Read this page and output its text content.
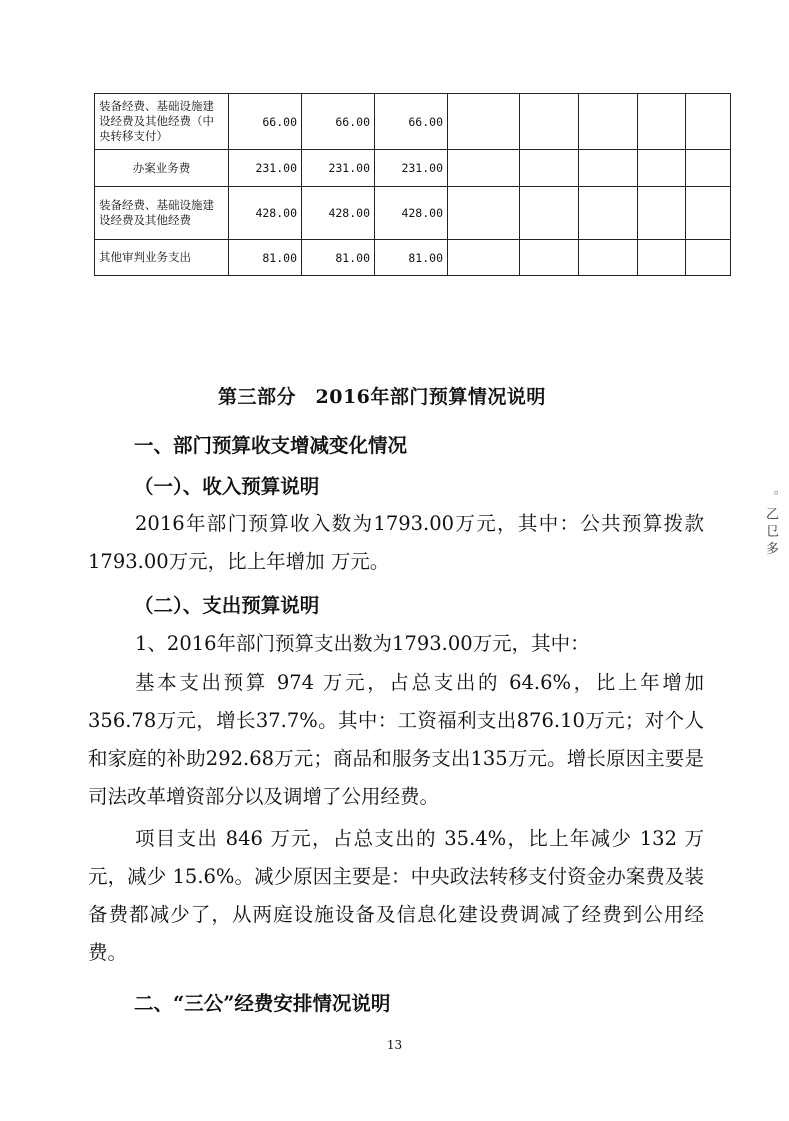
装备经费、基础设施建设经费及其他经费（中央转移支付）	66.00	66.00	66.00					
办案业务费	231.00	231.00	231.00					
装备经费、基础设施建设经费及其他经费	428.00	428.00	428.00					
其他审判业务支出	81.00	81.00	81.00					
第三部分　2016年部门预算情况说明
一、部门预算收支增减变化情况
（一）、收入预算说明
2016年部门预算收入数为1793.00万元，其中：公共预算拨款1793.00万元，比上年增加 万元。
（二）、支出预算说明
1、2016年部门预算支出数为1793.00万元，其中：
基本支出预算 974 万元，占总支出的 64.6%，比上年增加356.78万元，增长37.7%。其中：工资福利支出876.10万元；对个人和家庭的补助292.68万元；商品和服务支出135万元。增长原因主要是司法改革增资部分以及调增了公用经费。
项目支出 846 万元，占总支出的 35.4%，比上年减少 132 万元，减少 15.6%。减少原因主要是：中央政法转移支付资金办案费及装备费都减少了，从两庭设施设备及信息化建设费调减了经费到公用经费。
二、“三公”经费安排情况说明
13
。 乙 㔾 多
